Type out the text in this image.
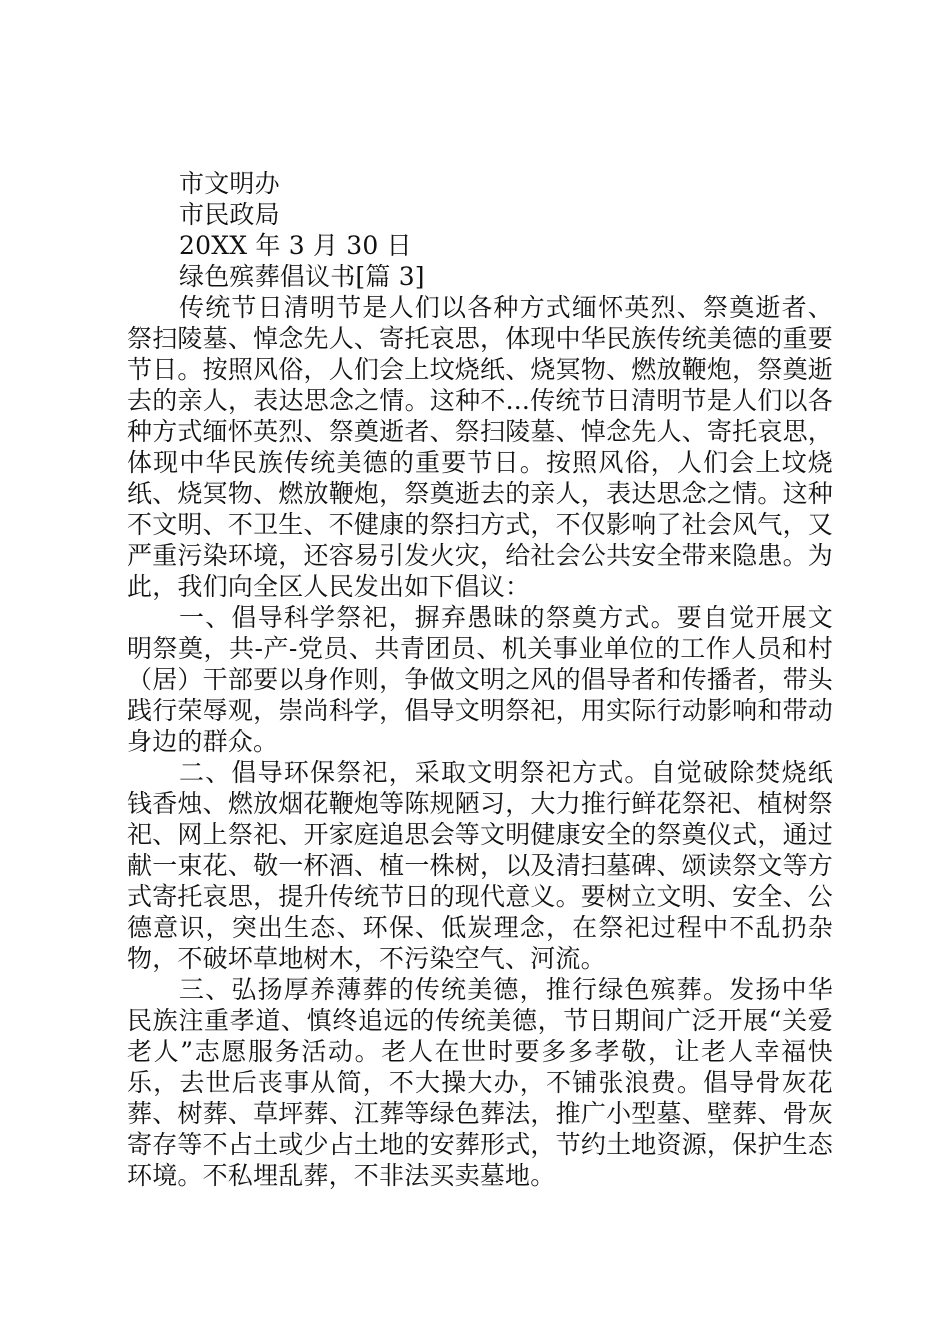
市文明办
市民政局
20XX 年 3 月 30 日
绿色殡葬倡议书[篇 3]

传统节日清明节是人们以各种方式缅怀英烈、祭奠逝者、祭扫陵墓、悼念先人、寄托哀思，体现中华民族传统美德的重要节日。按照风俗，人们会上坟烧纸、烧冥物、燃放鞭炮，祭奠逝去的亲人，表达思念之情。这种不...传统节日清明节是人们以各种方式缅怀英烈、祭奠逝者、祭扫陵墓、悼念先人、寄托哀思，体现中华民族传统美德的重要节日。按照风俗，人们会上坟烧纸、烧冥物、燃放鞭炮，祭奠逝去的亲人，表达思念之情。这种不文明、不卫生、不健康的祭扫方式，不仅影响了社会风气，又严重污染环境，还容易引发火灾，给社会公共安全带来隐患。为此，我们向全区人民发出如下倡议：

一、倡导科学祭祀，摒弃愚昧的祭奠方式。要自觉开展文明祭奠，共-产-党员、共青团员、机关事业单位的工作人员和村（居）干部要以身作则，争做文明之风的倡导者和传播者，带头践行荣辱观，崇尚科学，倡导文明祭祀，用实际行动影响和带动身边的群众。

二、倡导环保祭祀，采取文明祭祀方式。自觉破除焚烧纸钱香烛、燃放烟花鞭炮等陈规陋习，大力推行鲜花祭祀、植树祭祀、网上祭祀、开家庭追思会等文明健康安全的祭奠仪式，通过献一束花、敬一杯酒、植一株树，以及清扫墓碑、颂读祭文等方式寄托哀思，提升传统节日的现代意义。要树立文明、安全、公德意识，突出生态、环保、低炭理念，在祭祀过程中不乱扔杂物，不破坏草地树木，不污染空气、河流。

三、弘扬厚养薄葬的传统美德，推行绿色殡葬。发扬中华民族注重孝道、慎终追远的传统美德，节日期间广泛开展“关爱老人”志愿服务活动。老人在世时要多多孝敬，让老人幸福快乐，去世后丧事从简，不大操大办，不铺张浪费。倡导骨灰花葬、树葬、草坪葬、江葬等绿色葬法，推广小型墓、壁葬、骨灰寄存等不占土或少占土地的安葬形式，节约土地资源，保护生态环境。不私埋乱葬，不非法买卖墓地。
